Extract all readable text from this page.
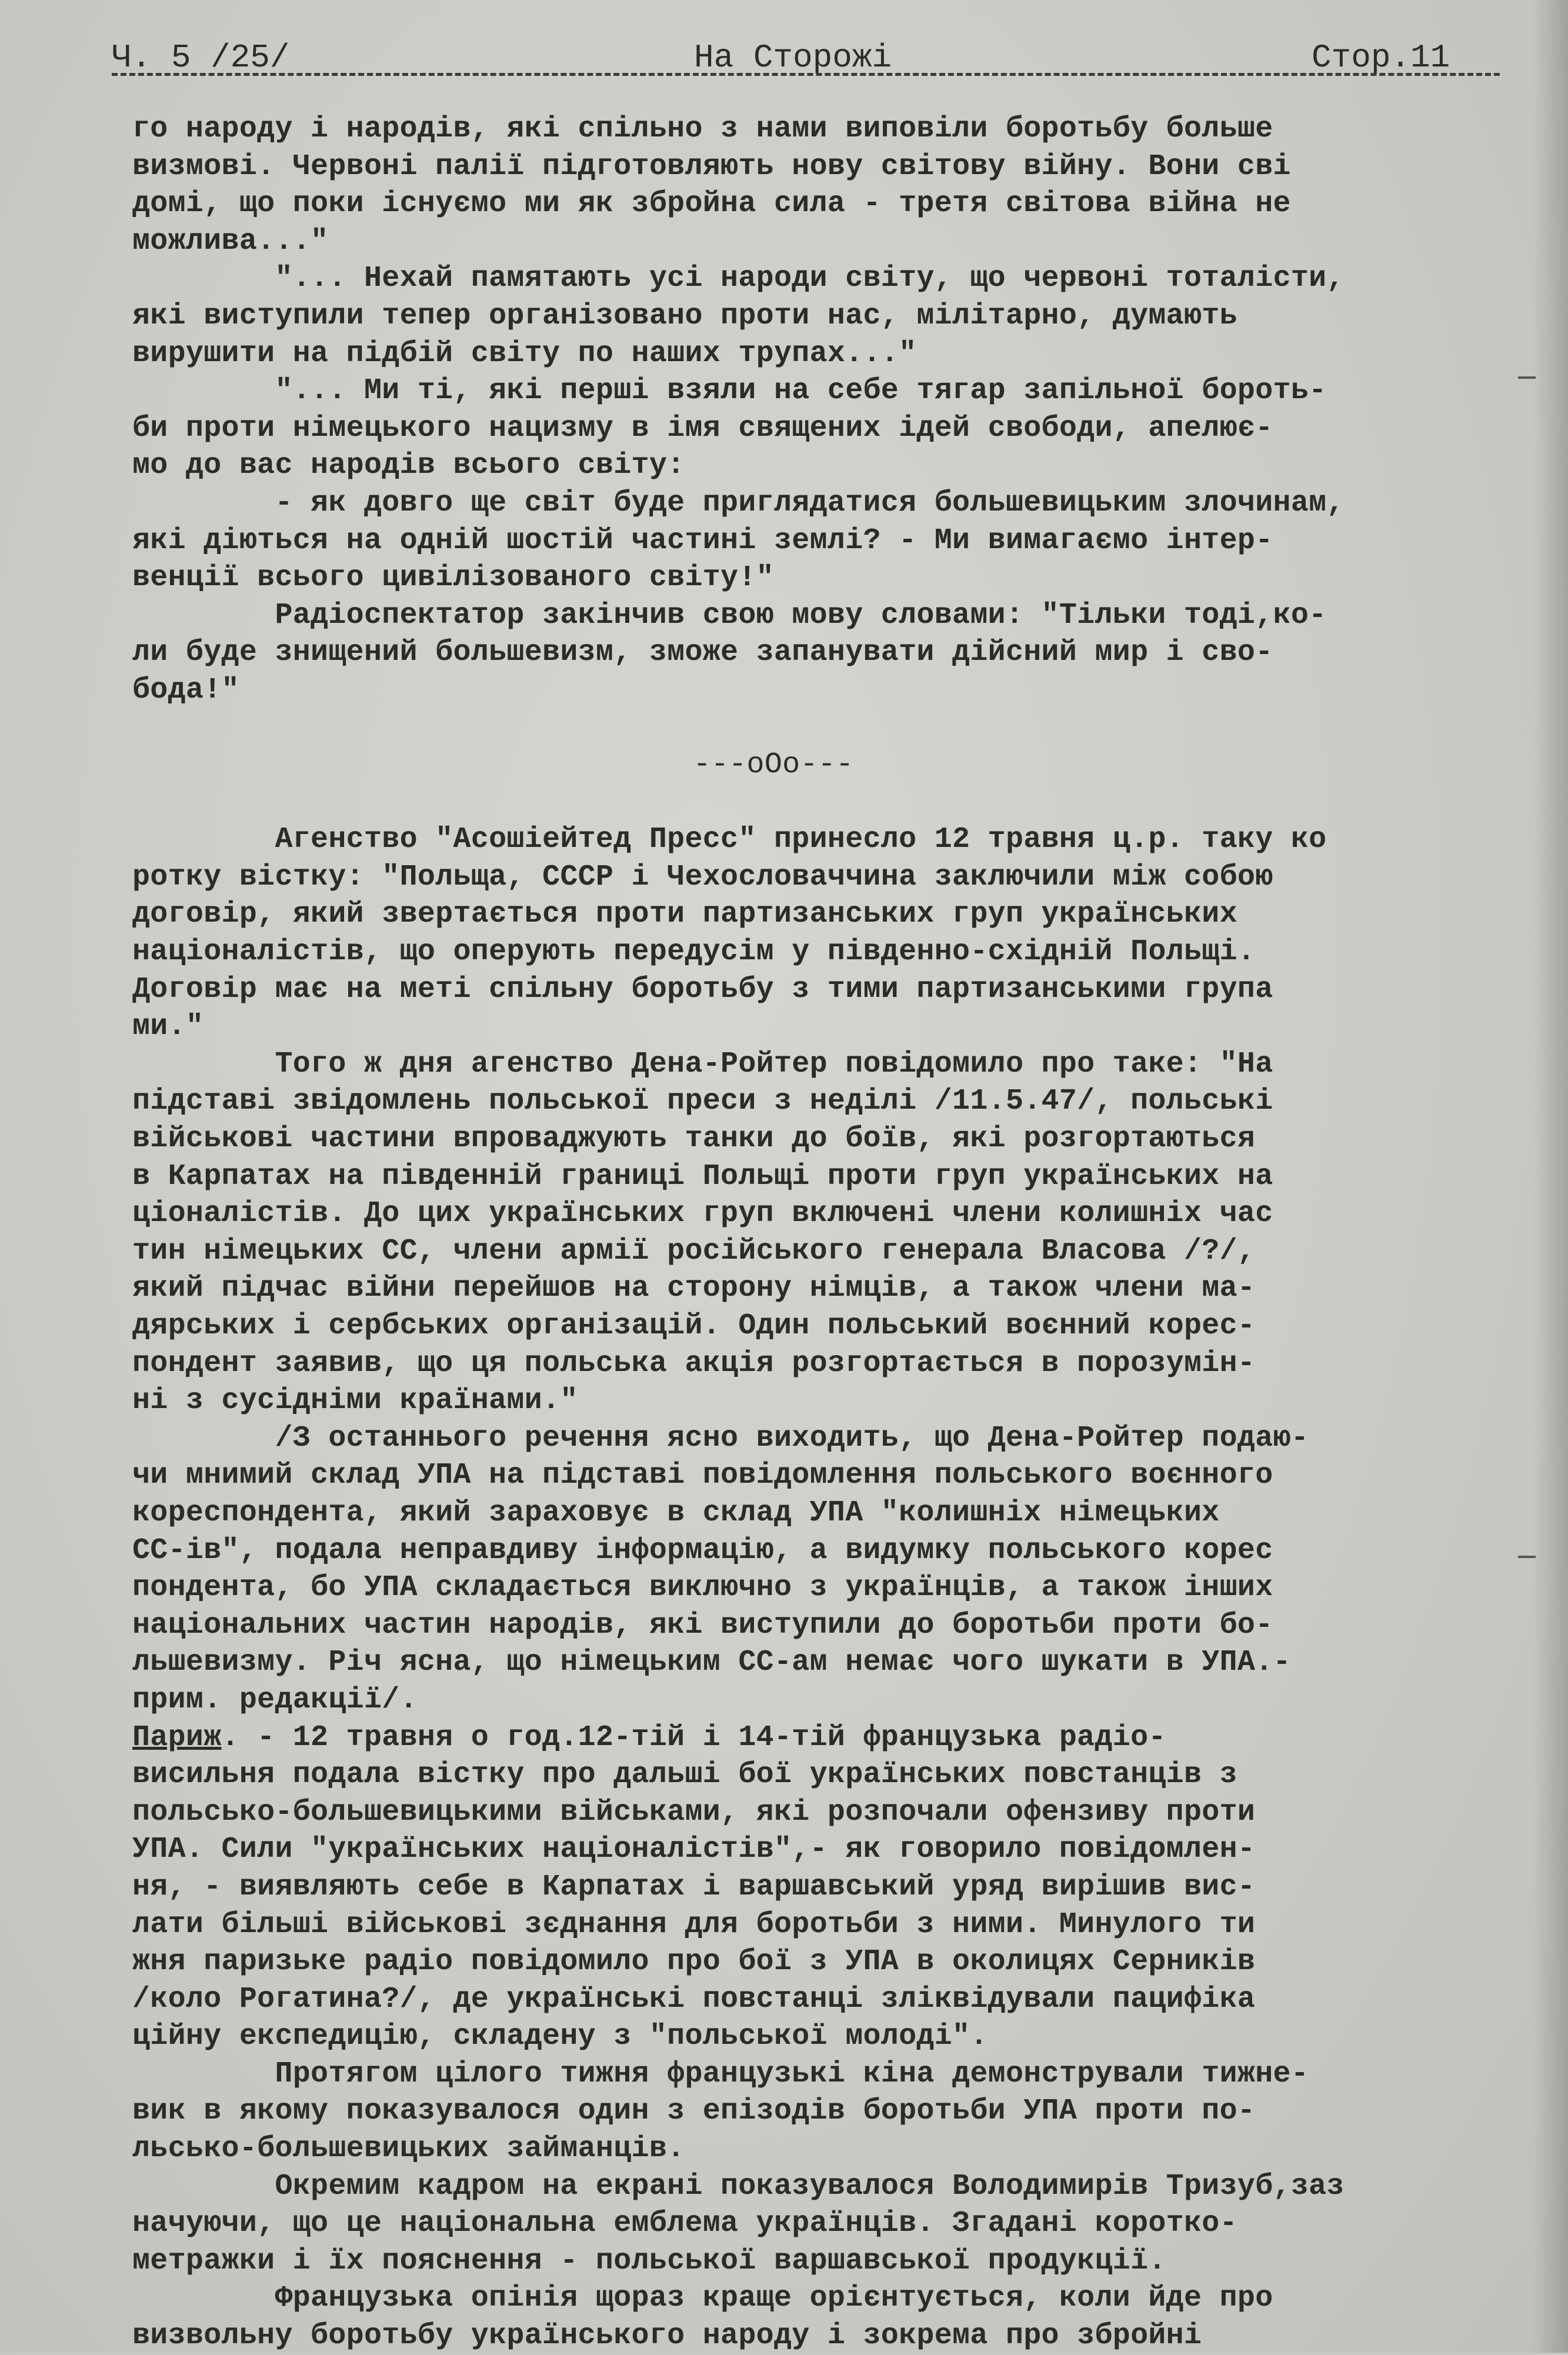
Ч. 5 /25/	На Сторожі	Стор.11
го народу і народів, які спільно з нами виповіли боротьбу больше
визмові. Червоні палії підготовляють нову світову війну. Вони сві
домі, що поки існуємо ми як збройна сила - третя світова війна не
можлива..."
"... Нехай памятають усі народи світу, що червоні тоталісти,
які виступили тепер організовано проти нас, мілітарно, думають
вирушити на підбій світу по наших трупах..."
"... Ми ті, які перші взяли на себе тягар запільної бороть-
би проти німецького нацизму в імя священих ідей свободи, апелює-
мо до вас народів всього світу:
- як довго ще світ буде приглядатися большевицьким злочинам,
які діються на одній шостій частині землі? - Ми вимагаємо інтер-
венції всього цивілізованого світу!"
Радіоспектатор закінчив свою мову словами: "Тільки тоді,ко-
ли буде знищений большевизм, зможе запанувати дійсний мир і сво-
бода!"
---oOo---
Агенство "Асошіейтед Пресс" принесло 12 травня ц.р. таку ко
ротку вістку: "Польща, СССР і Чехословаччина заключили між собою
договір, який звертається проти партизанських груп українських
націоналістів, що оперують передусім у південно-східній Польщі.
Договір має на меті спільну боротьбу з тими партизанськими групa
ми."
Того ж дня агенство Дена-Ройтер повідомило про таке: "На
підставі звідомлень польської преси з неділі /11.5.47/, польські
військові частини впроваджують танки до боїв, які розгортаються
в Карпатах на південній границі Польщі проти груп українських на
ціоналістів. До цих українських груп включені члени колишніх час
тин німецьких СС, члени армії російського генерала Власова /?/,
який підчас війни перейшов на сторону німців, а також члени ма-
дярських і сербських організацій. Один польський воєнний корес-
пондент заявив, що ця польська акція розгортається в порозумін-
ні з сусідніми країнами."
/З останнього речення ясно виходить, що Дена-Ройтер подаю-
чи мнимий склад УПА на підставі повідомлення польського воєнного
кореспондента, який зараховує в склад УПА "колишніх німецьких
СС-ів", подала неправдиву інформацію, а видумку польського корес
пондента, бо УПА складається виключно з українців, а також інших
національних частин народів, які виступили до боротьби проти бо-
льшевизму. Річ ясна, що німецьким СС-ам немає чого шукати в УПА.-
прим. редакції/.
Париж. - 12 травня о год.12-тій і 14-тій французька радіо-
висильня подала вістку про дальші бої українських повстанців з
польсько-большевицькими військами, які розпочали офензиву проти
УПА. Сили "українських націоналістів",- як говорило повідомлен-
ня, - виявляють себе в Карпатах і варшавський уряд вирішив вис-
лати більші військові зєднання для боротьби з ними. Минулого ти
жня паризьке радіо повідомило про бої з УПА в околицях Серників
/коло Рогатина?/, де українські повстанці зліквідували пацифіка
ційну експедицію, складену з "польської молоді".
Протягом цілого тижня французькі кіна демонстрували тижне-
вик в якому показувалося один з епізодів боротьби УПА проти по-
льсько-большевицьких займанців.
Окремим кадром на екрані показувалося Володимирів Тризуб,заз
начуючи, що це національна емблема українців. Згадані коротко-
метражки і їх пояснення - польської варшавської продукції.
Французька опінія щораз краще орієнтується, коли йде про
визвольну боротьбу українського народу і зокрема про збройні
